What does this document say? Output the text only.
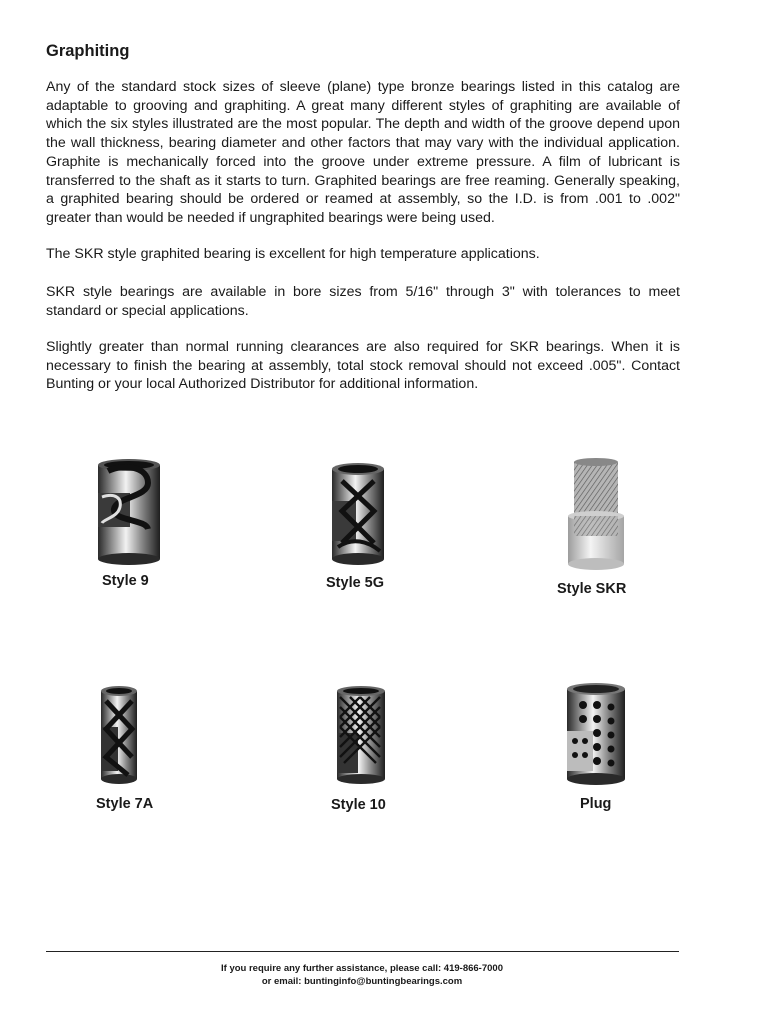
Graphiting

Any of the standard stock sizes of sleeve (plane) type bronze bearings listed in this catalog are adaptable to grooving and graphiting. A great many different styles of graphiting are available of which the six styles illustrated are the most popular. The depth and width of the groove depend upon the wall thickness, bearing diameter and other factors that may vary with the individual application. Graphite is mechanically forced into the groove under extreme pressure. A film of lubricant is transferred to the shaft as it starts to turn. Graphited bearings are free reaming. Generally speaking, a graphited bearing should be ordered or reamed at assembly, so the I.D. is from .001 to .002" greater than would be needed if ungraphited bearings were being used.

The SKR style graphited bearing is excellent for high temperature applications.

SKR style bearings are available in bore sizes from 5/16" through 3" with tolerances to meet standard or special applications.

Slightly greater than normal running clearances are also required for SKR bearings. When it is necessary to finish the bearing at assembly, total stock removal should not exceed .005". Contact Bunting or your local Authorized Distributor for additional information.

Style 9	Style 5G	Style SKR
Style 7A	Style 10	Plug
If you require any further assistance, please call: 419-866-7000
or email: buntinginfo@buntingbearings.com
